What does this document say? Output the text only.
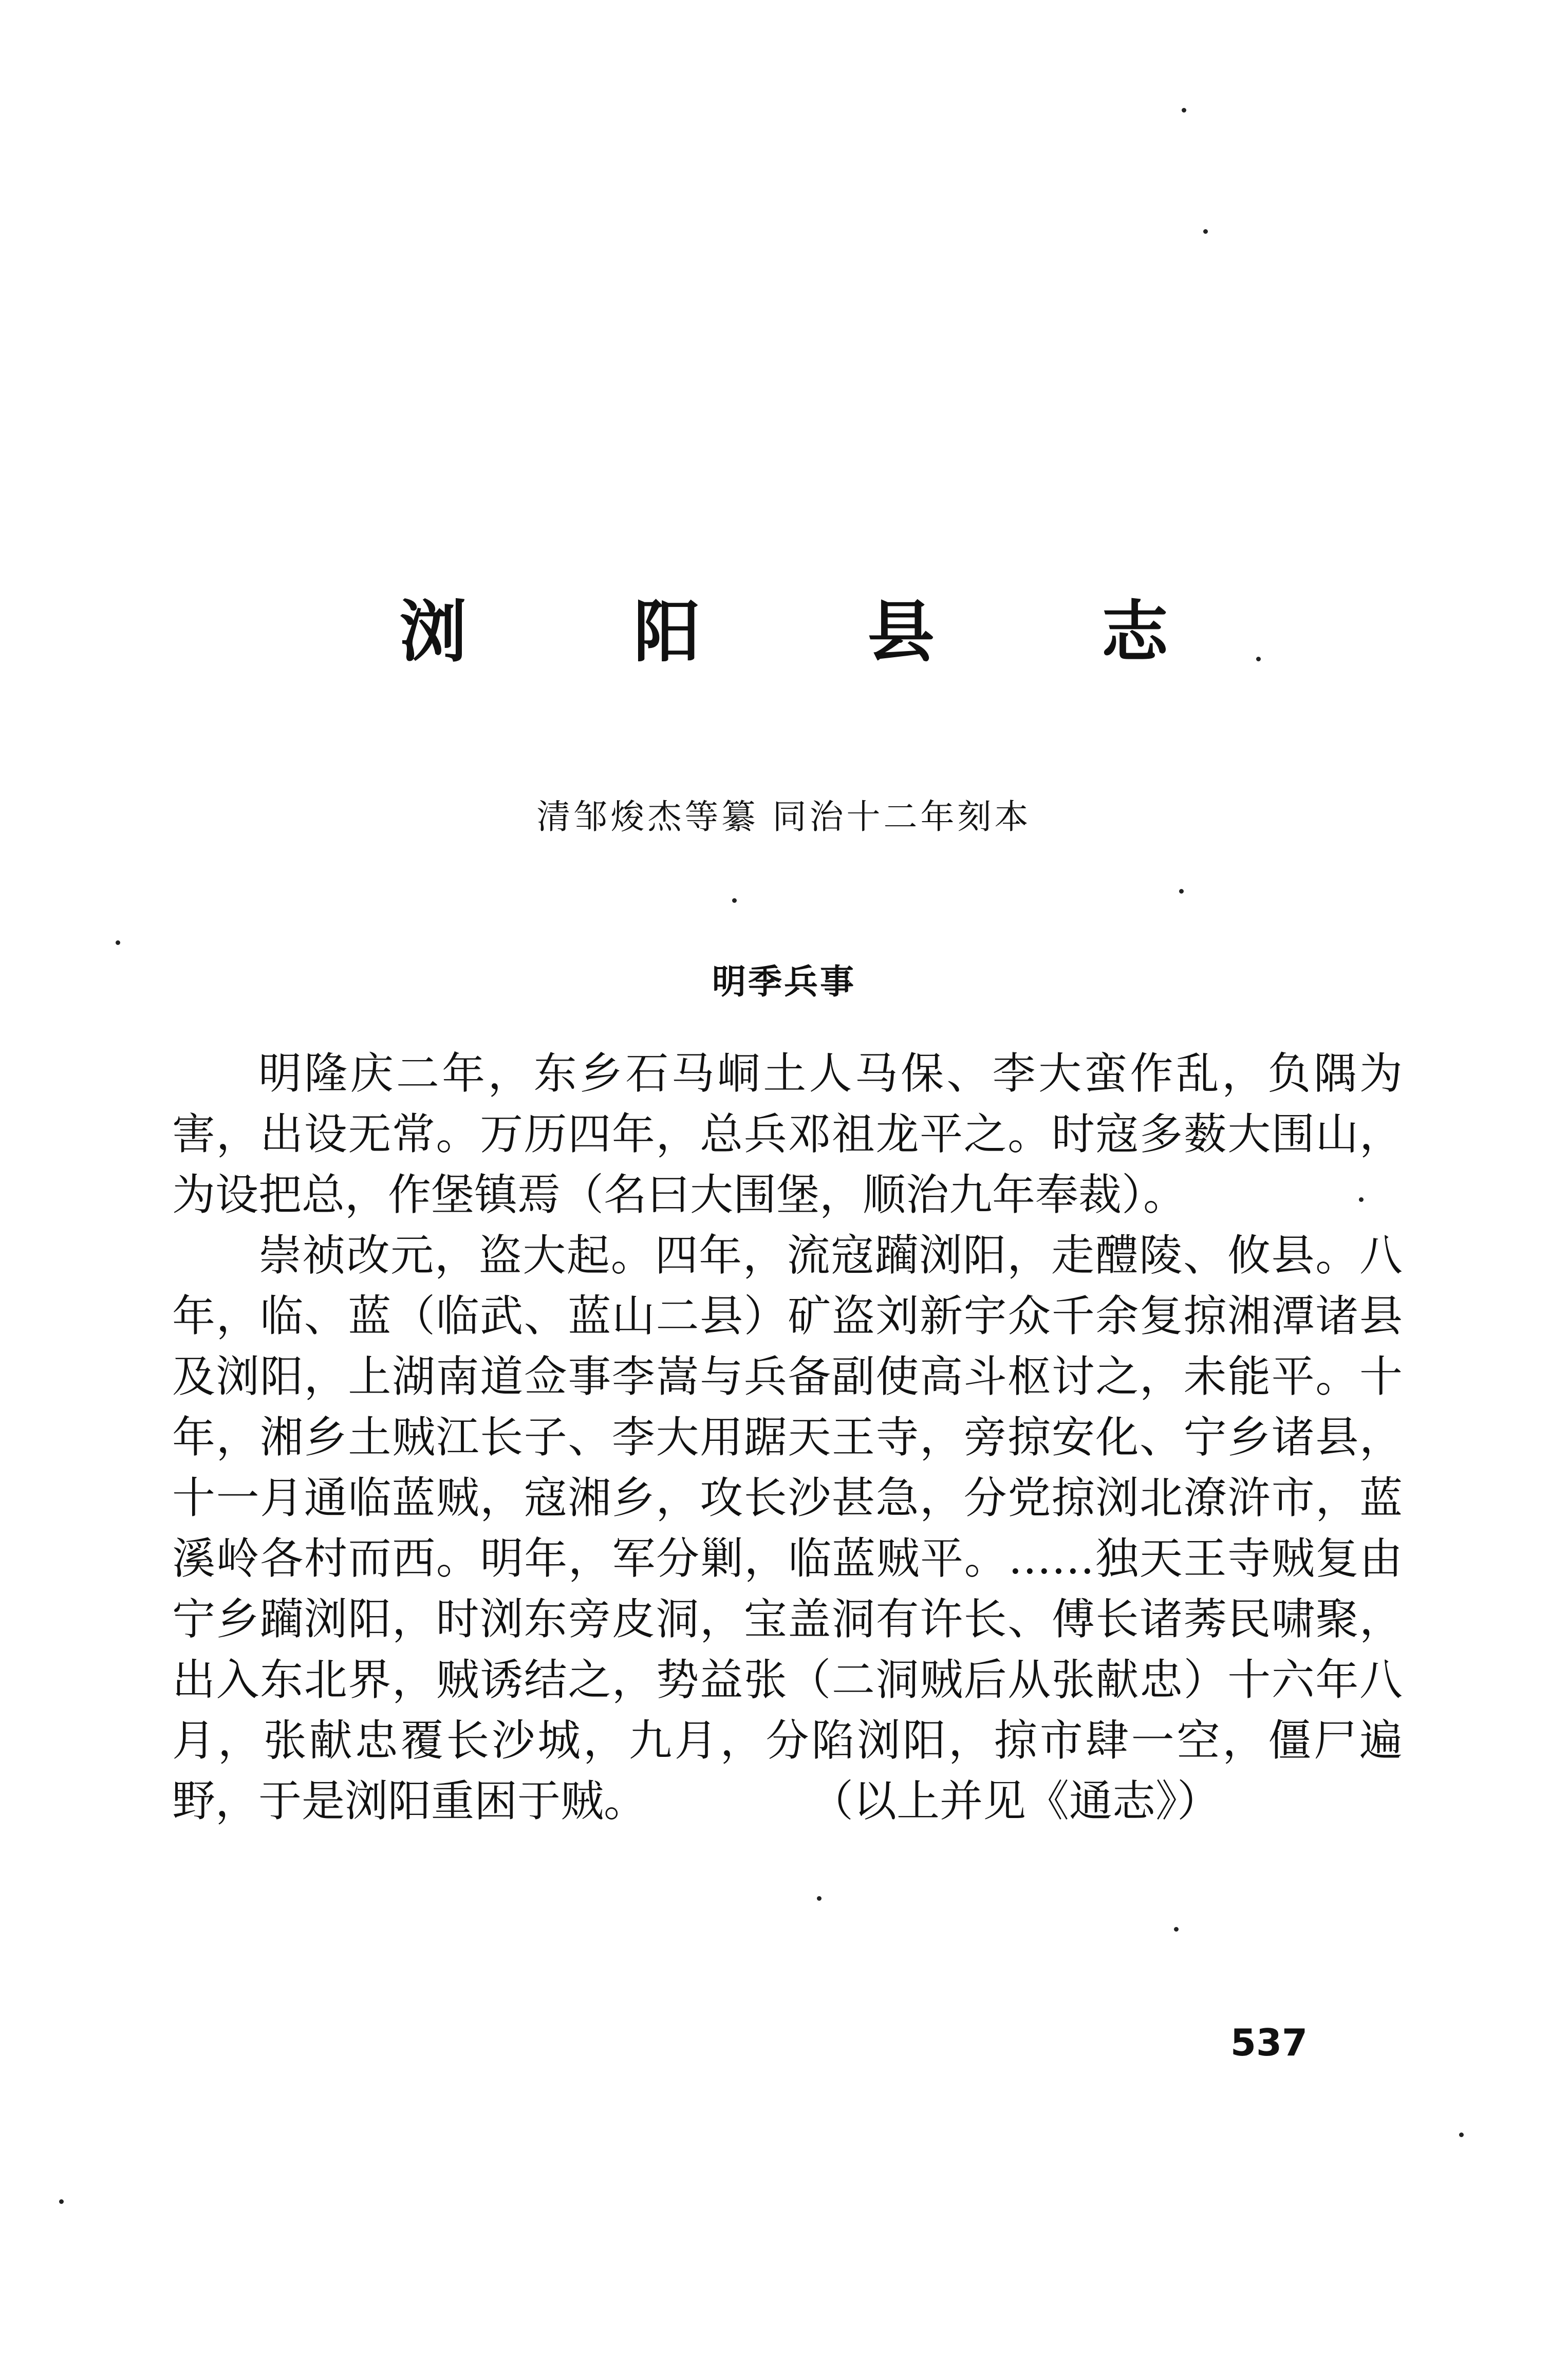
浏 阳 县 志
清邹焌杰等纂 同治十二年刻本
明季兵事

明隆庆二年，东乡石马峒土人马保、李大蛮作乱，负隅为害，出设无常。万历四年，总兵邓祖龙平之。时寇多薮大围山，为设把总，作堡镇焉（名曰大围堡，顺治九年奉裁）。

崇祯改元，盗大起。四年，流寇躏浏阳，走醴陵、攸县。八年，临、蓝（临武、蓝山二县）矿盗刘新宇众千余复掠湘潭诸县及浏阳，上湖南道佥事李嵩与兵备副使高斗枢讨之，未能平。十年，湘乡土贼江长子、李大用踞天王寺，旁掠安化、宁乡诸县，十一月通临蓝贼，寇湘乡，攻长沙甚急，分党掠浏北潦浒市，蓝溪岭各村而西。明年，军分剿，临蓝贼平。……独天王寺贼复由宁乡躏浏阳，时浏东旁皮洞，宝盖洞有许长、傅长诸莠民啸聚，出入东北界，贼诱结之，势益张（二洞贼后从张献忠）十六年八月，张献忠覆长沙城，九月，分陷浏阳，掠市肆一空，僵尸遍野，于是浏阳重困于贼。	（以上并见《通志》）

537
